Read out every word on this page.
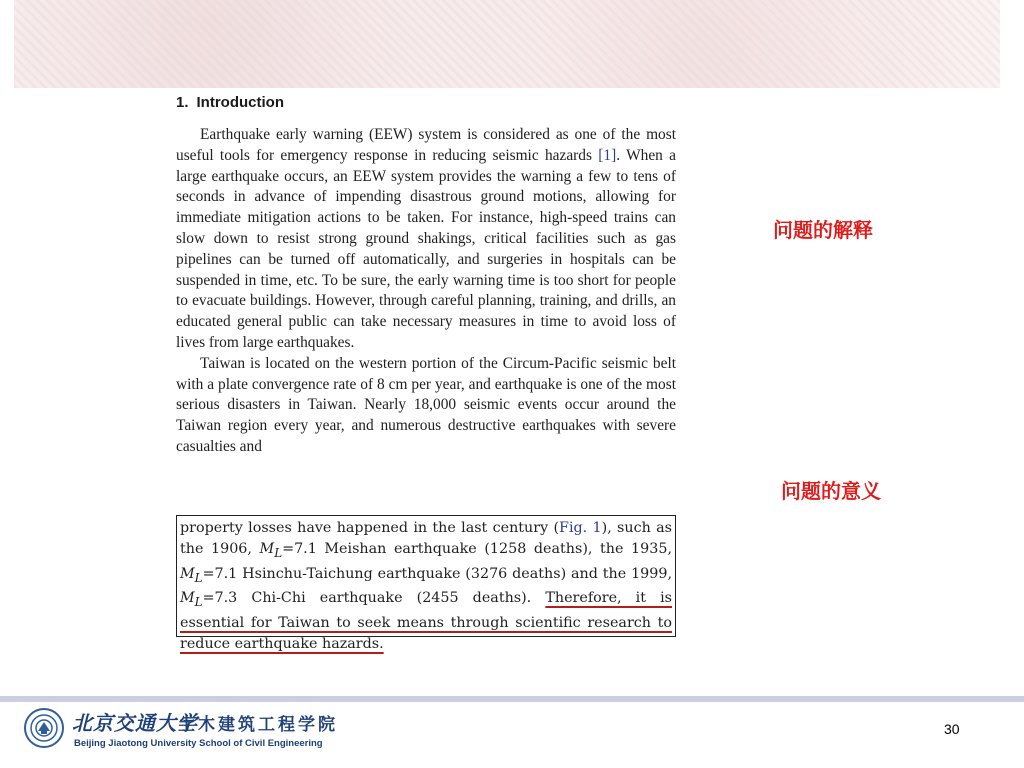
1. Introduction

Earthquake early warning (EEW) system is considered as one of the most useful tools for emergency response in reducing seismic hazards [1]. When a large earthquake occurs, an EEW system provides the warning a few to tens of seconds in advance of impending disastrous ground motions, allowing for immediate mitigation actions to be taken. For instance, high-speed trains can slow down to resist strong ground shakings, critical facilities such as gas pipelines can be turned off automatically, and surgeries in hospitals can be suspended in time, etc. To be sure, the early warning time is too short for people to evacuate buildings. However, through careful planning, training, and drills, an educated general public can take necessary measures in time to avoid loss of lives from large earthquakes.

Taiwan is located on the western portion of the Circum-Pacific seismic belt with a plate convergence rate of 8 cm per year, and earthquake is one of the most serious disasters in Taiwan. Nearly 18,000 seismic events occur around the Taiwan region every year, and numerous destructive earthquakes with severe casualties and

property losses have happened in the last century (Fig. 1), such as the 1906, $M_L=7.1$ Meishan earthquake (1258 deaths), the 1935, $M_L=7.1$ Hsinchu-Taichung earthquake (3276 deaths) and the 1999, $M_L=7.3$ Chi-Chi earthquake (2455 deaths). Therefore, it is essential for Taiwan to seek means through scientific research to reduce earthquake hazards.
问题的解释
问题的意义
北京交通大学
土木建筑工程学院
Beijing Jiaotong University School of Civil Engineering
30
